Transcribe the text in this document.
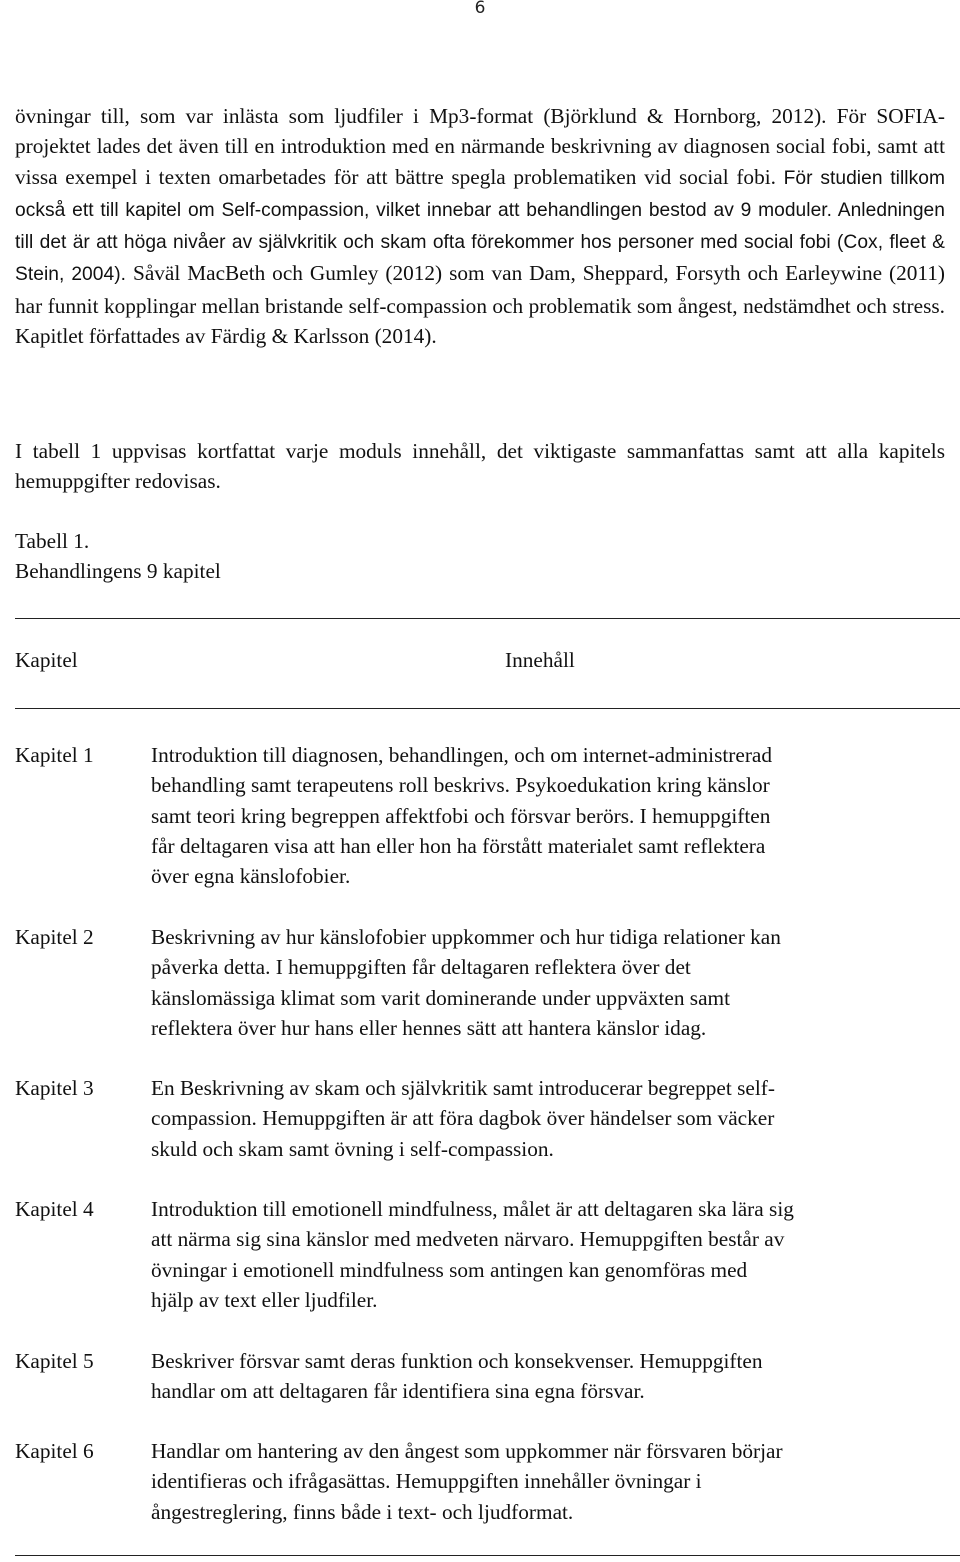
6
övningar till, som var inlästa som ljudfiler i Mp3-format (Björklund & Hornborg, 2012). För SOFIA-projektet lades det även till en introduktion med en närmande beskrivning av diagnosen social fobi, samt att vissa exempel i texten omarbetades för att bättre spegla problematiken vid social fobi. För studien tillkom också ett till kapitel om Self-compassion, vilket innebar att behandlingen bestod av 9 moduler. Anledningen till det är att höga nivåer av självkritik och skam ofta förekommer hos personer med social fobi (Cox, fleet & Stein, 2004). Såväl MacBeth och Gumley (2012) som van Dam, Sheppard, Forsyth och Earleywine (2011) har funnit kopplingar mellan bristande self-compassion och problematik som ångest, nedstämdhet och stress. Kapitlet författades av Färdig & Karlsson (2014).
I tabell 1 uppvisas kortfattat varje moduls innehåll, det viktigaste sammanfattas samt att alla kapitels hemuppgifter redovisas.
Tabell 1.
Behandlingens 9 kapitel
Kapitel	Innehåll
Kapitel 1	Introduktion till diagnosen, behandlingen, och om internet-administrerad
behandling samt terapeutens roll beskrivs. Psykoedukation kring känslor
samt teori kring begreppen affektfobi och försvar berörs. I hemuppgiften
får deltagaren visa att han eller hon ha förstått materialet samt reflektera
över egna känslofobier.
Kapitel 2	Beskrivning av hur känslofobier uppkommer och hur tidiga relationer kan
påverka detta. I hemuppgiften får deltagaren reflektera över det
känslomässiga klimat som varit dominerande under uppväxten samt
reflektera över hur hans eller hennes sätt att hantera känslor idag.
Kapitel 3	En Beskrivning av skam och självkritik samt introducerar begreppet self-
compassion. Hemuppgiften är att föra dagbok över händelser som väcker
skuld och skam samt övning i self-compassion.
Kapitel 4	Introduktion till emotionell mindfulness, målet är att deltagaren ska lära sig
att närma sig sina känslor med medveten närvaro. Hemuppgiften består av
övningar i emotionell mindfulness som antingen kan genomföras med
hjälp av text eller ljudfiler.
Kapitel 5	Beskriver försvar samt deras funktion och konsekvenser. Hemuppgiften
handlar om att deltagaren får identifiera sina egna försvar.
Kapitel 6	Handlar om hantering av den ångest som uppkommer när försvaren börjar
identifieras och ifrågasättas. Hemuppgiften innehåller övningar i
ångestreglering, finns både i text- och ljudformat.
